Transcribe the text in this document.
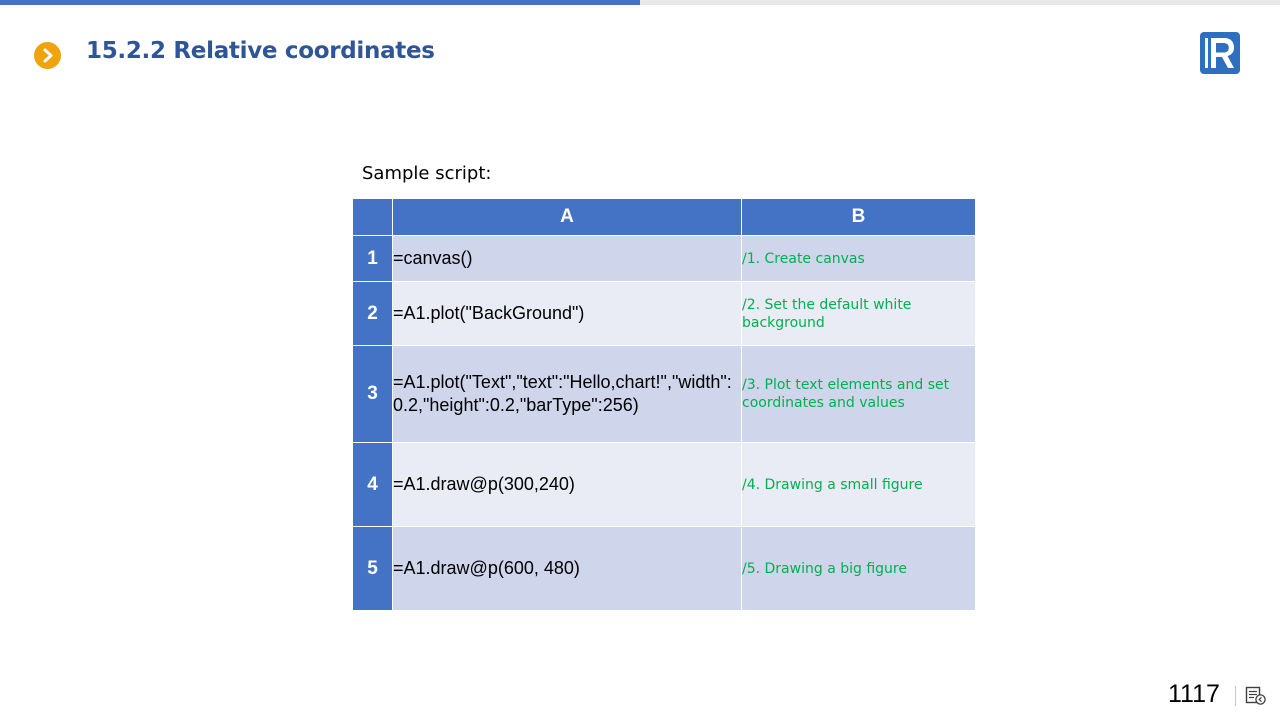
15.2.2 Relative coordinates
Sample script:
	A	B
1	=canvas()	/1. Create canvas
2	=A1.plot("BackGround")	/2. Set the default white background
3	=A1.plot("Text","text":"Hello,chart!","width":0.2,"height":0.2,"barType":256)	/3. Plot text elements and set coordinates and values
4	=A1.draw@p(300,240)	/4. Drawing a small figure
5	=A1.draw@p(600, 480)	/5. Drawing a big figure
1117
